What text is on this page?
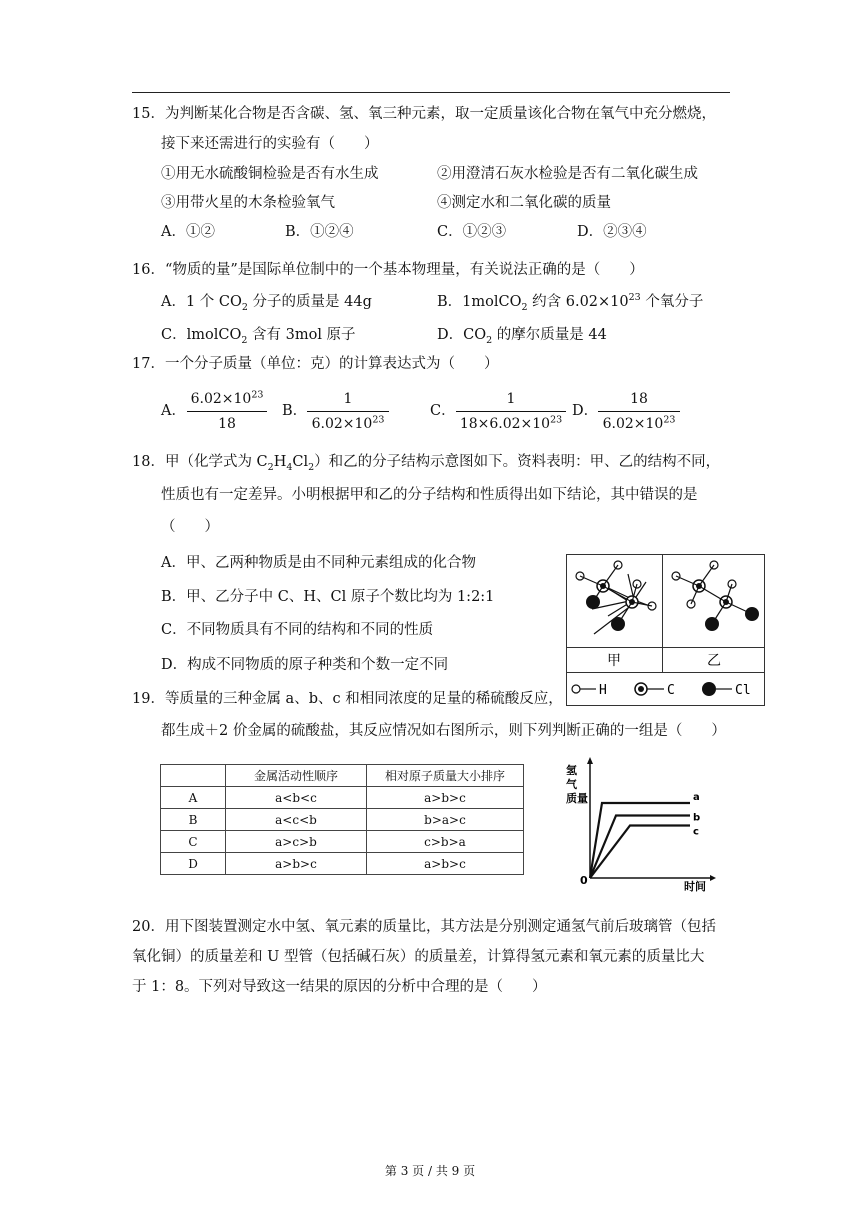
15．为判断某化合物是否含碳、氢、氧三种元素，取一定质量该化合物在氧气中充分燃烧，
接下来还需进行的实验有（　　）
①用无水硫酸铜检验是否有水生成	②用澄清石灰水检验是否有二氧化碳生成
③用带火星的木条检验氧气	④测定水和二氧化碳的质量
A．①②	B．①②④	C．①②③	D．②③④
16．“物质的量”是国际单位制中的一个基本物理量，有关说法正确的是（　　）
A．1 个 $CO_2$ 分子的质量是 44g	B．1molCO$_2$ 约含 $6.02\times 10^{23}$ 个氧分子
C．lmolCO$_2$ 含有 3mol 原子	D．$CO_2$ 的摩尔质量是 44
17．一个分子质量（单位：克）的计算表达式为（　　）
A．
$6.02\times 10^{23}$
18
B．
1
$6.02\times 10^{23}$
C．
1
$18\times 6.02\times 10^{23}$
D．
18
$6.02\times 10^{23}$
18．甲（化学式为 $C_2H_4Cl_2$）和乙的分子结构示意图如下。资料表明：甲、乙的结构不同，
性质也有一定差异。小明根据甲和乙的分子结构和性质得出如下结论，其中错误的是
（　　）
A．甲、乙两种物质是由不同种元素组成的化合物
B．甲、乙分子中 C、H、Cl 原子个数比均为 1:2:1
C．不同物质具有不同的结构和不同的性质
D．构成不同物质的原子种类和个数一定不同	甲	乙
H	C	Cl
19．等质量的三种金属 a、b、c 和相同浓度的足量的稀硫酸反应，
都生成＋2 价金属的硫酸盐，其反应情况如右图所示，则下列判断正确的一组是（　　）
	金属活动性顺序	相对原子质量大小排序
A	a<b<c	a>b>c
B	a<c<b	b>a>c
C	a>c>b	c>b>a
D	a>b>c	a>b>c
氢
气
质量
0	时间
a
b
c
20．用下图装置测定水中氢、氧元素的质量比，其方法是分别测定通氢气前后玻璃管（包括
氧化铜）的质量差和 U 型管（包括碱石灰）的质量差，计算得氢元素和氧元素的质量比大
于 1：8。下列对导致这一结果的原因的分析中合理的是（　　）
第 3 页 / 共 9 页
